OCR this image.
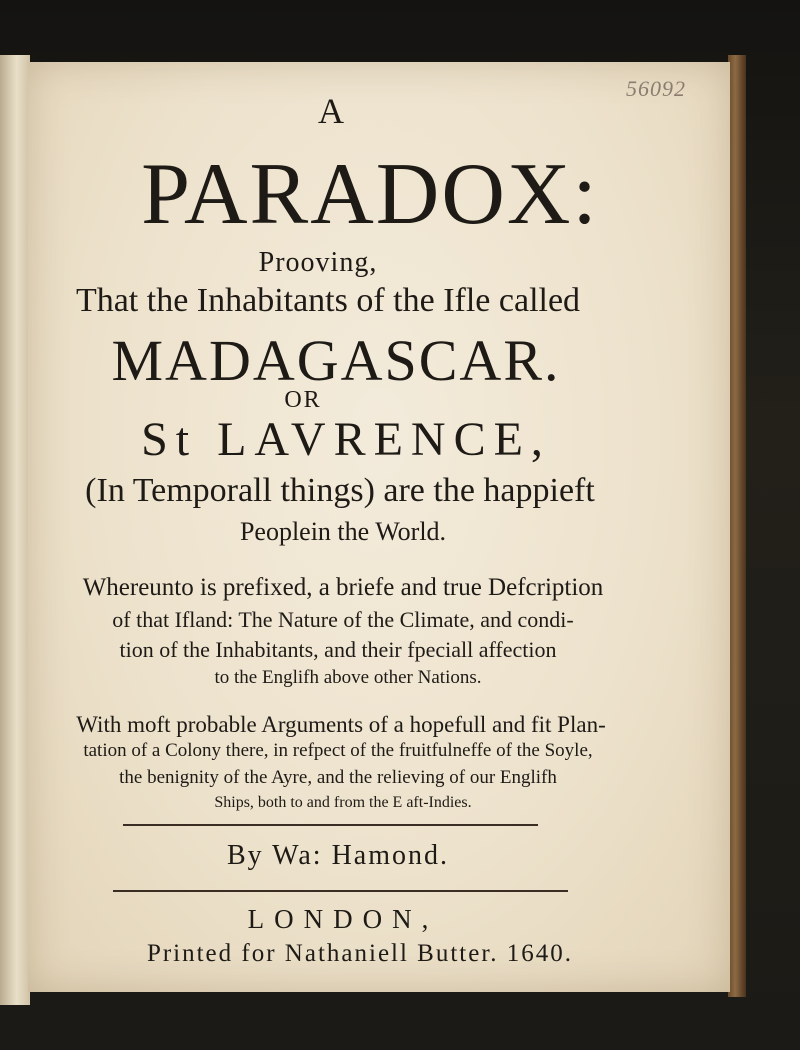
56092
A
PARADOX:
Prooving,
That the Inhabitants of the Ifle called
MADAGASCAR.
OR
St LAVRENCE,
(In Temporall things) are the happieft
Peoplein the World.
Whereunto is prefixed, a briefe and true Defcription
of that Ifland: The Nature of the Climate, and condi-
tion of the Inhabitants, and their fpeciall affection
to the Englifh above other Nations.
With moft probable Arguments of a hopefull and fit Plan-
tation of a Colony there, in refpect of the fruitfulneffe of the Soyle,
the benignity of the Ayre, and the relieving of our Englifh
Ships, both to and from the E aft-Indies.
By Wa: Hamond.
LONDON,
Printed for Nathaniell Butter. 1640.
